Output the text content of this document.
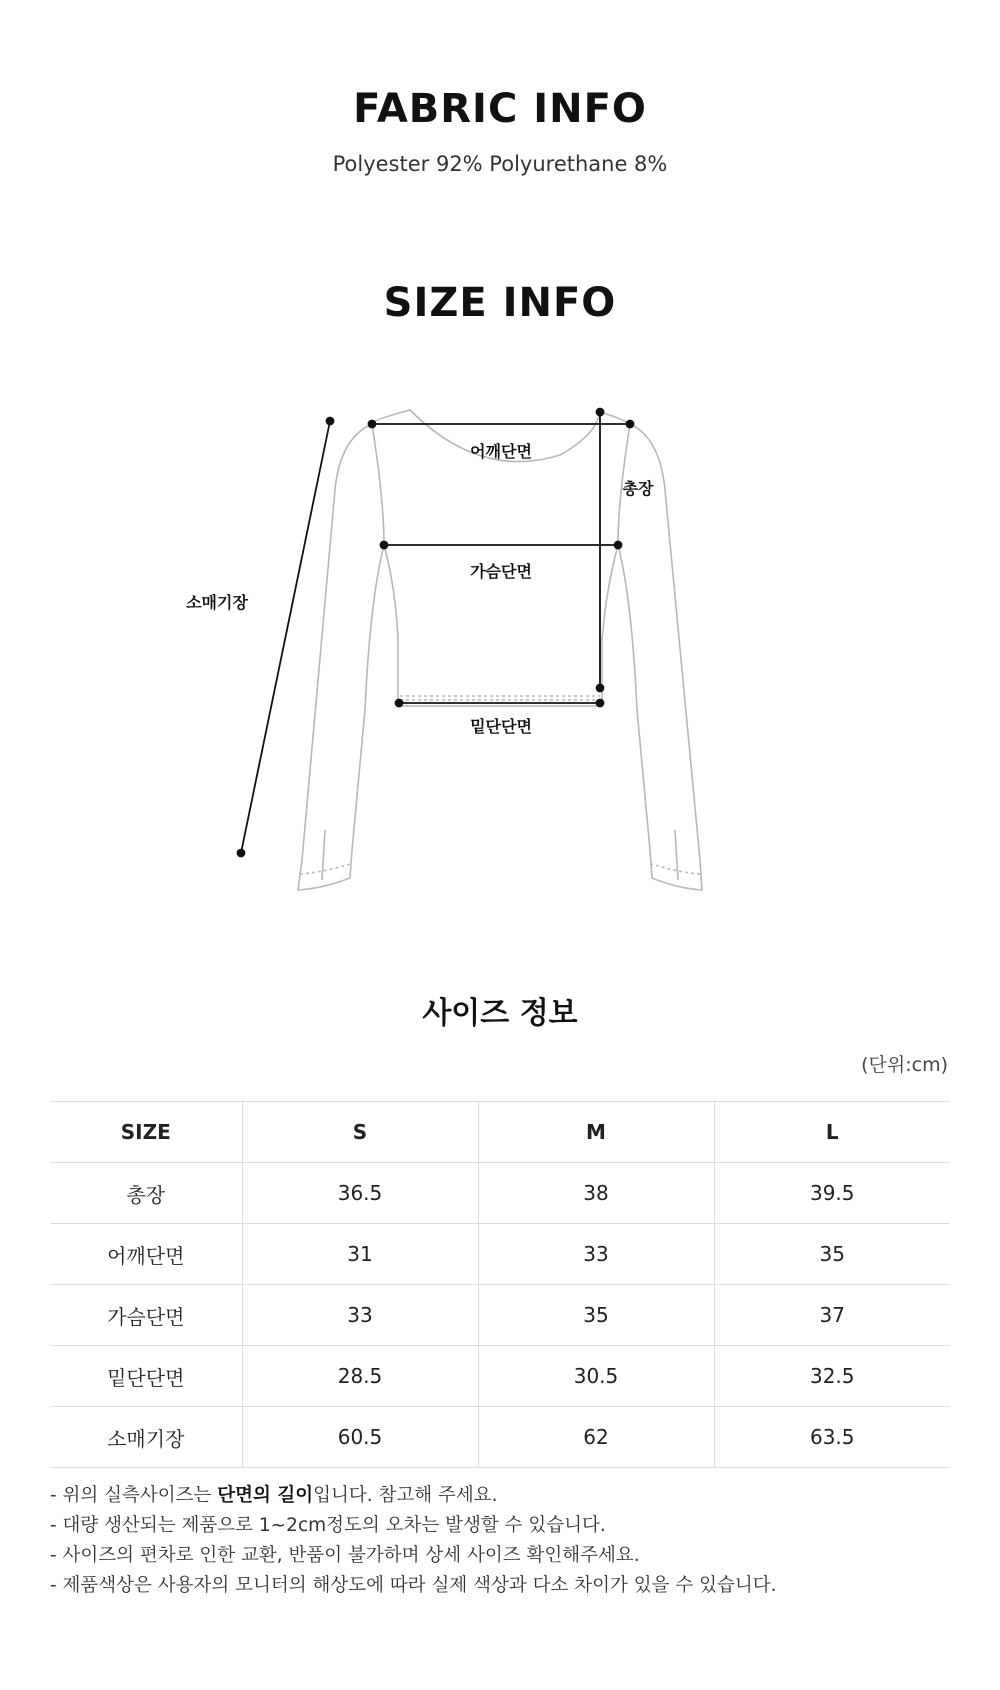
FABRIC INFO
Polyester 92% Polyurethane 8%
SIZE INFO
어깨단면
총장
가슴단면
소매기장
밑단단면
사이즈 정보
(단위:cm)
SIZE	S	M	L
총장	36.5	38	39.5
어깨단면	31	33	35
가슴단면	33	35	37
밑단단면	28.5	30.5	32.5
소매기장	60.5	62	63.5
- 위의 실측사이즈는 단면의 길이입니다. 참고해 주세요.
- 대량 생산되는 제품으로 1~2cm정도의 오차는 발생할 수 있습니다.
- 사이즈의 편차로 인한 교환, 반품이 불가하며 상세 사이즈 확인해주세요.
- 제품색상은 사용자의 모니터의 해상도에 따라 실제 색상과 다소 차이가 있을 수 있습니다.
